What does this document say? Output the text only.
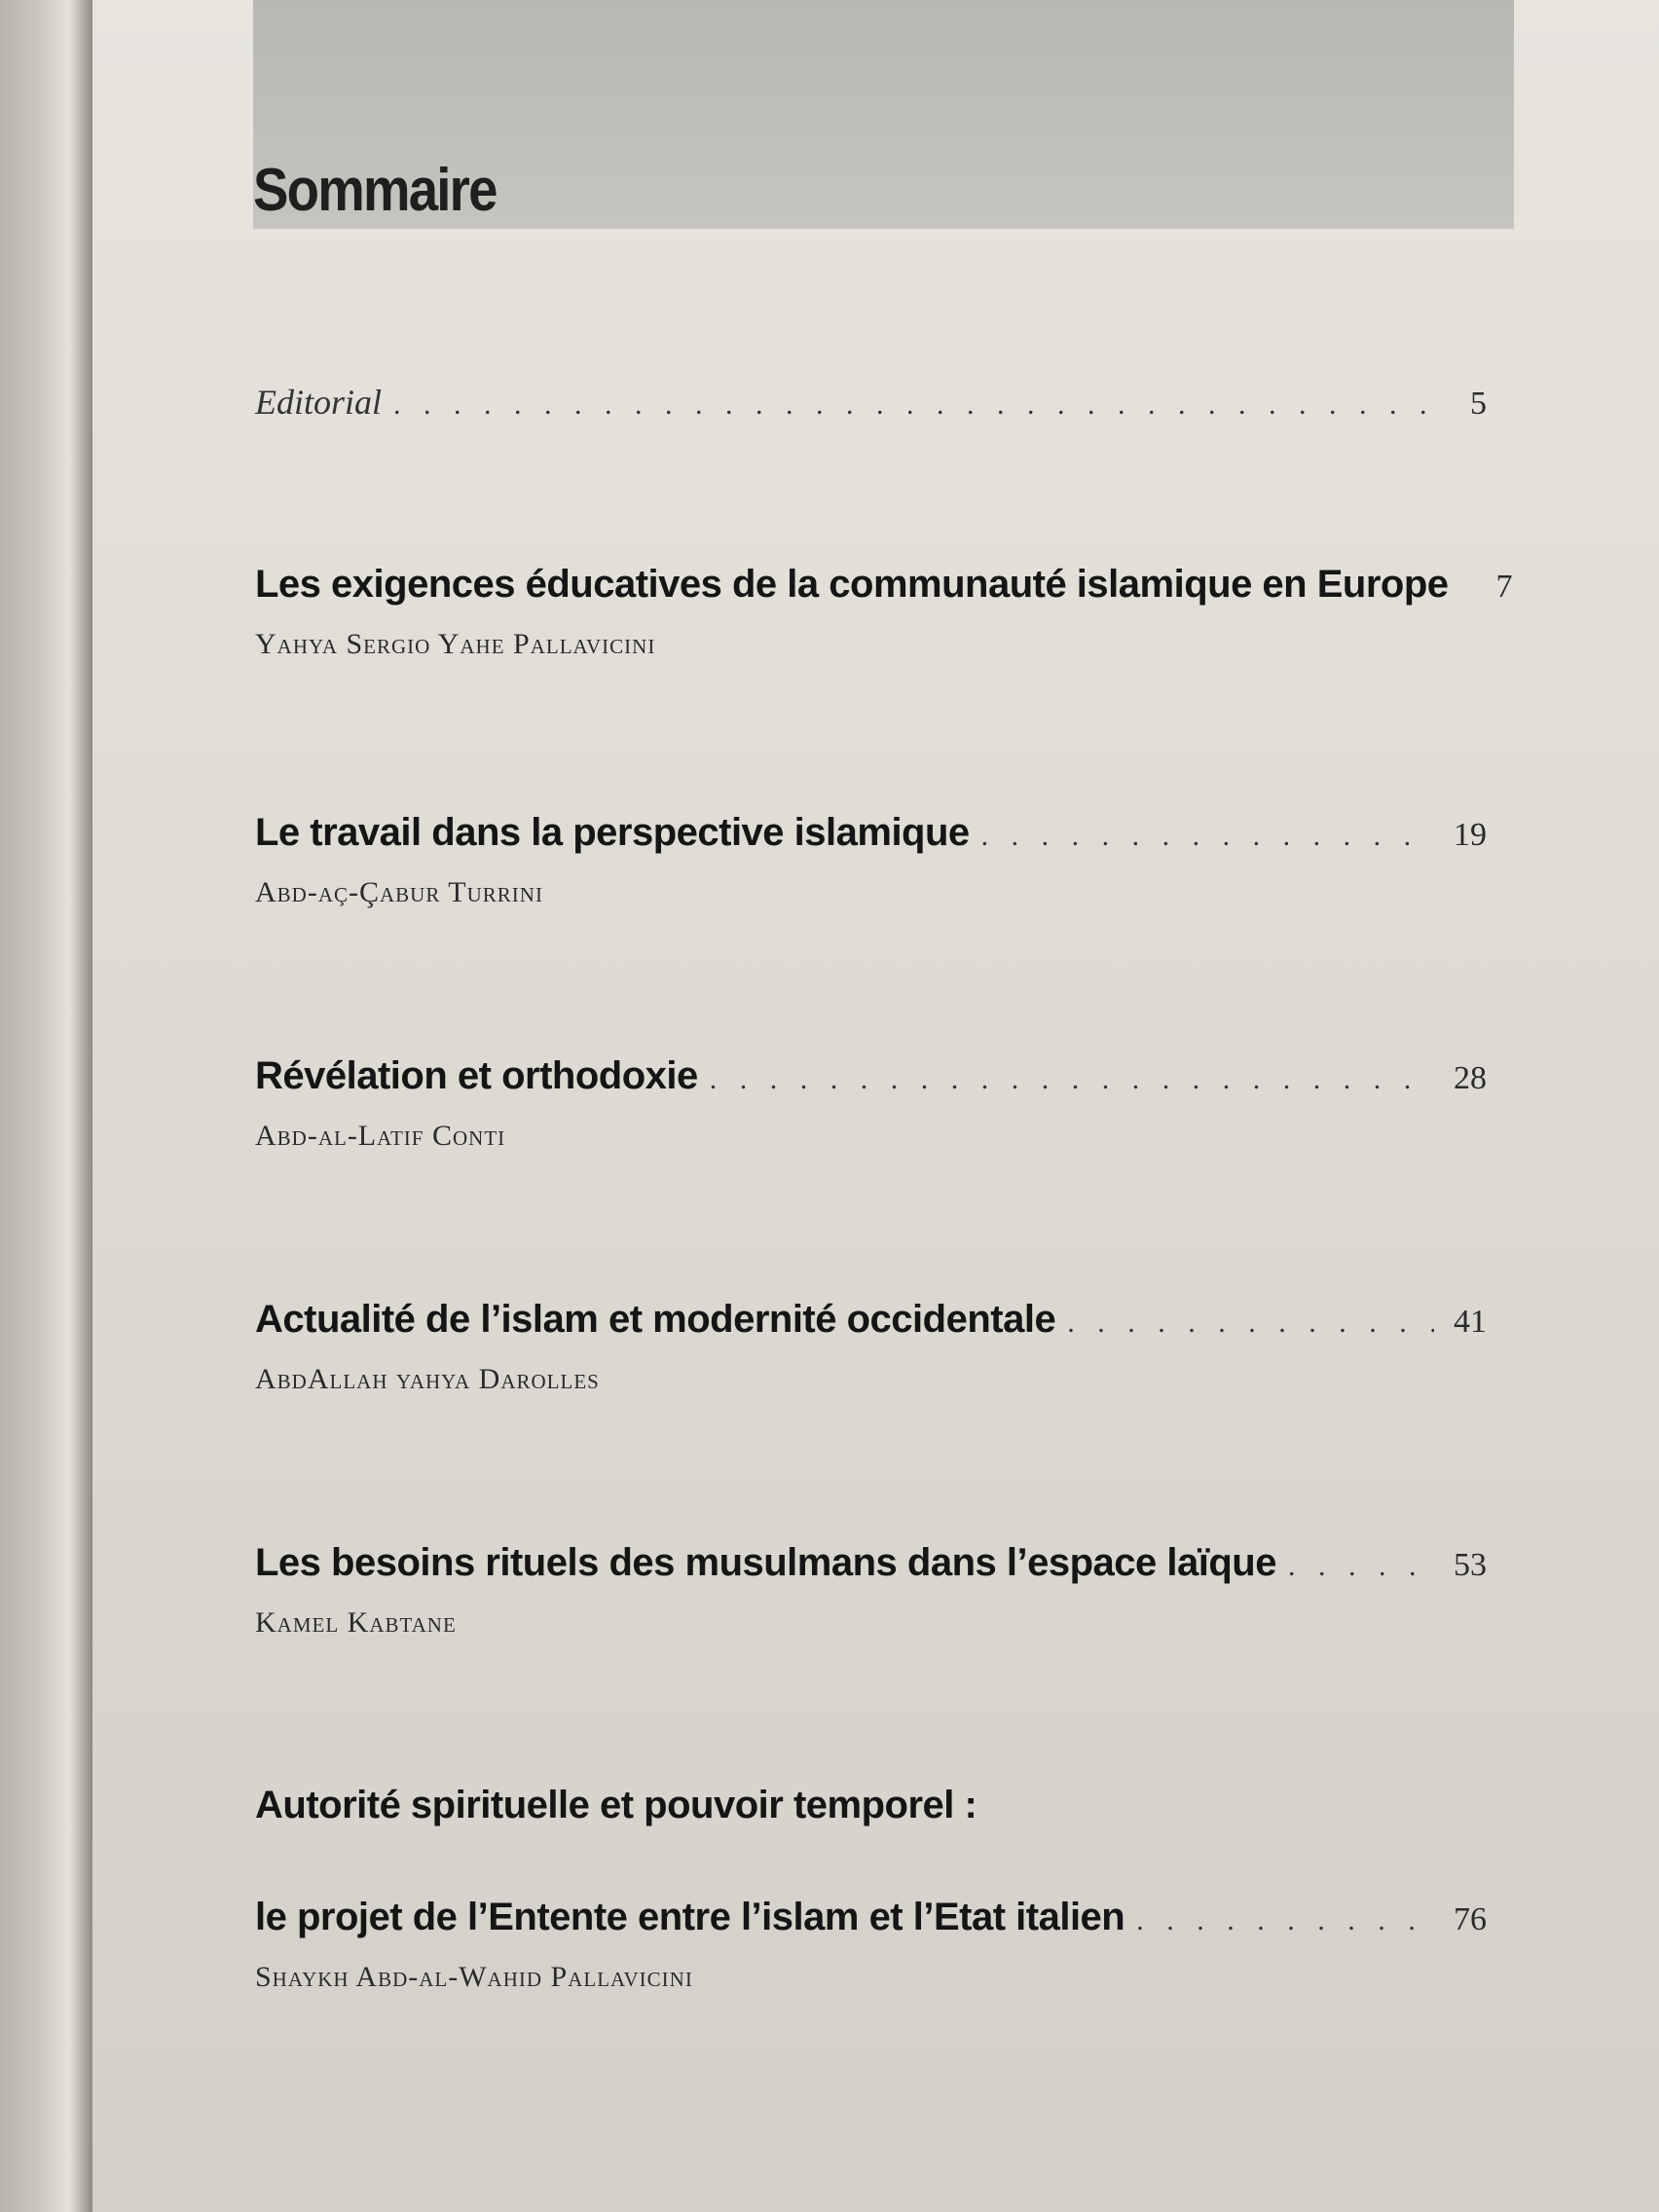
Sommaire
Editorial . . .	5
Les exigences éducatives de la communauté islamique en Europe	7
Yahya Sergio Yahe Pallavicini
Le travail dans la perspective islamique . . .	19
Abd-aç-Çabur Turrini
Révélation et orthodoxie . . .	28
Abd-al-Latif Conti
Actualité de l’islam et modernité occidentale . . .	41
AbdAllah yahya Darolles
Les besoins rituels des musulmans dans l’espace laïque . . .	53
Kamel Kabtane
Autorité spirituelle et pouvoir temporel :
le projet de l’Entente entre l’islam et l’Etat italien . . .	76
Shaykh Abd-al-Wahid Pallavicini
